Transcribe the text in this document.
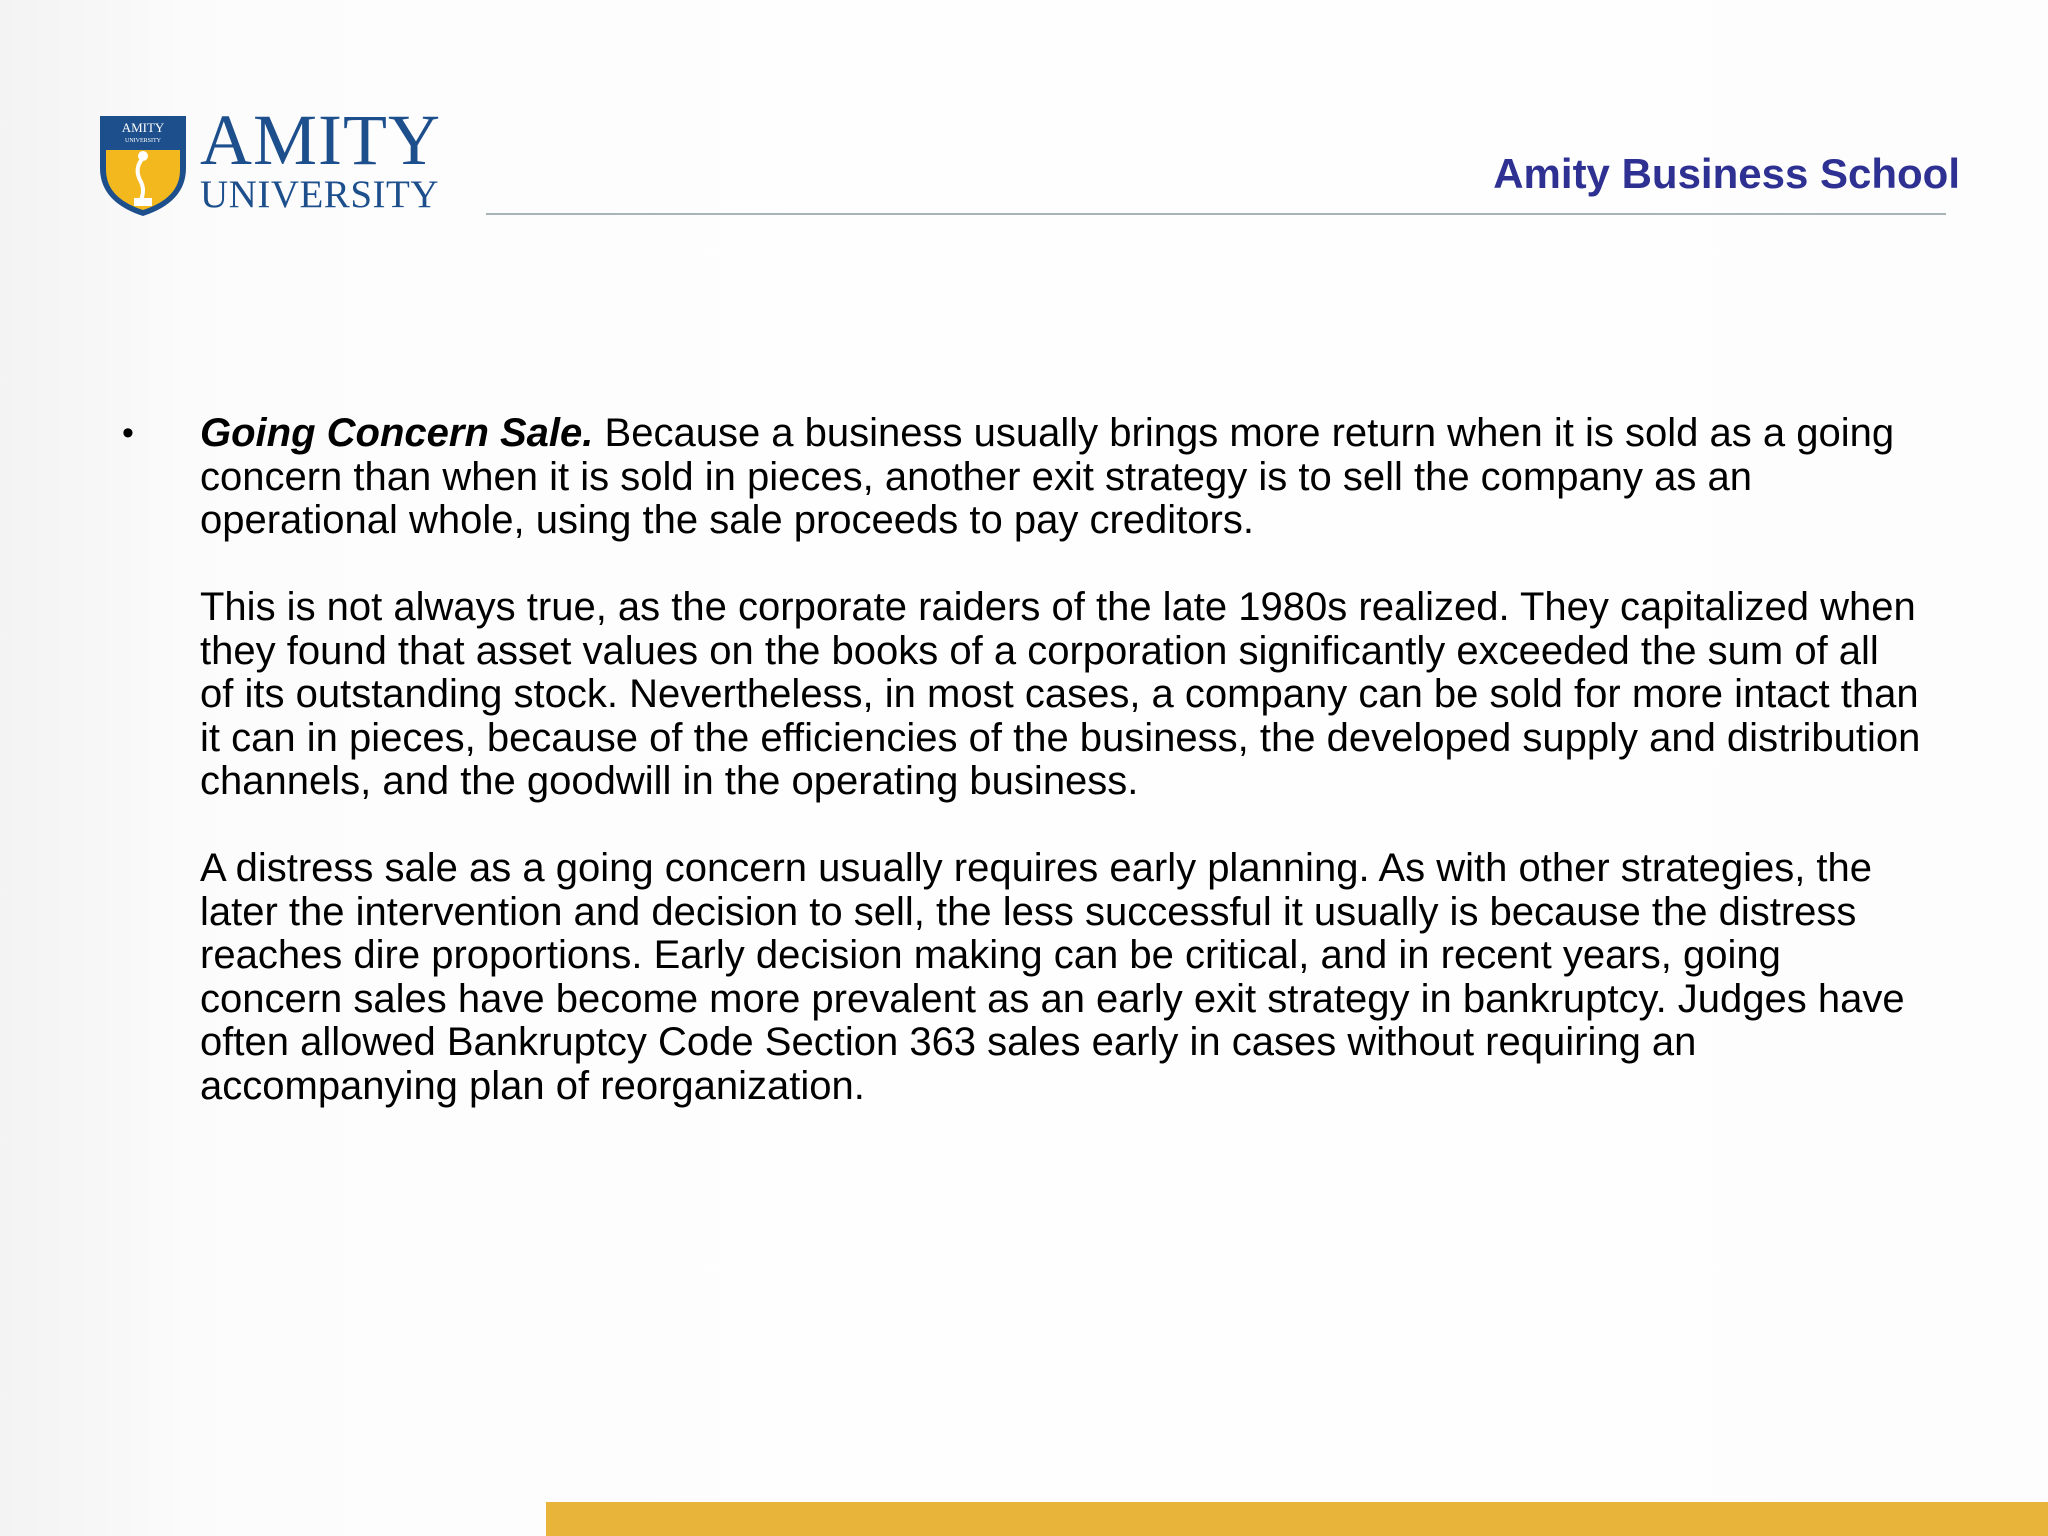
AMITY
UNIVERSITY AMITY
UNIVERSITY	Amity Business School
• Going Concern Sale. Because a business usually brings more return when it is sold as a going concern than when it is sold in pieces, another exit strategy is to sell the company as an operational whole, using the sale proceeds to pay creditors.

This is not always true, as the corporate raiders of the late 1980s realized. They capitalized when they found that asset values on the books of a corporation significantly exceeded the sum of all of its outstanding stock. Nevertheless, in most cases, a company can be sold for more intact than it can in pieces, because of the efficiencies of the business, the developed supply and distribution channels, and the goodwill in the operating business.

A distress sale as a going concern usually requires early planning. As with other strategies, the later the intervention and decision to sell, the less successful it usually is because the distress reaches dire proportions. Early decision making can be critical, and in recent years, going concern sales have become more prevalent as an early exit strategy in bankruptcy. Judges have often allowed Bankruptcy Code Section 363 sales early in cases without requiring an accompanying plan of reorganization.
